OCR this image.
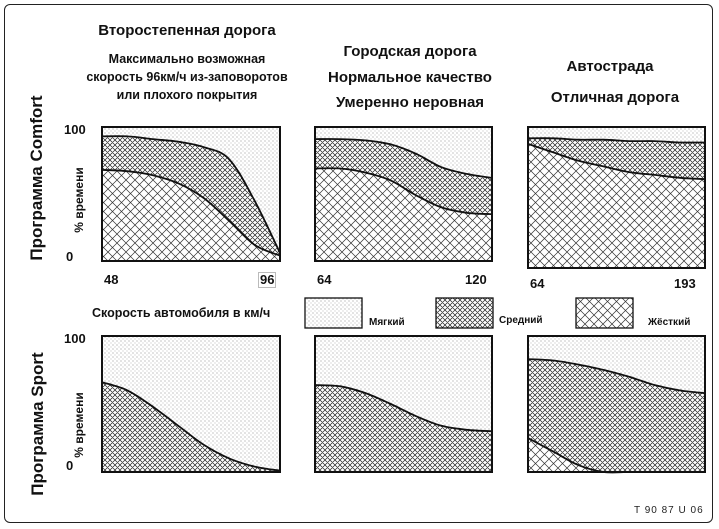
Второстепенная дорога
Максимально возможная
скорость 96км/ч из-заповоротов
или плохого покрытия
Городская дорога
Нормальное качество
Умеренно неровная
Автострада
Отличная дорога
Программа Comfort
Программа Sport
% времени
% времени
100
0
100
0
48	96	64	120	64	193
Скорость автомобиля в км/ч
Мягкий	Средний	Жёсткий
T 90 87 U 06
